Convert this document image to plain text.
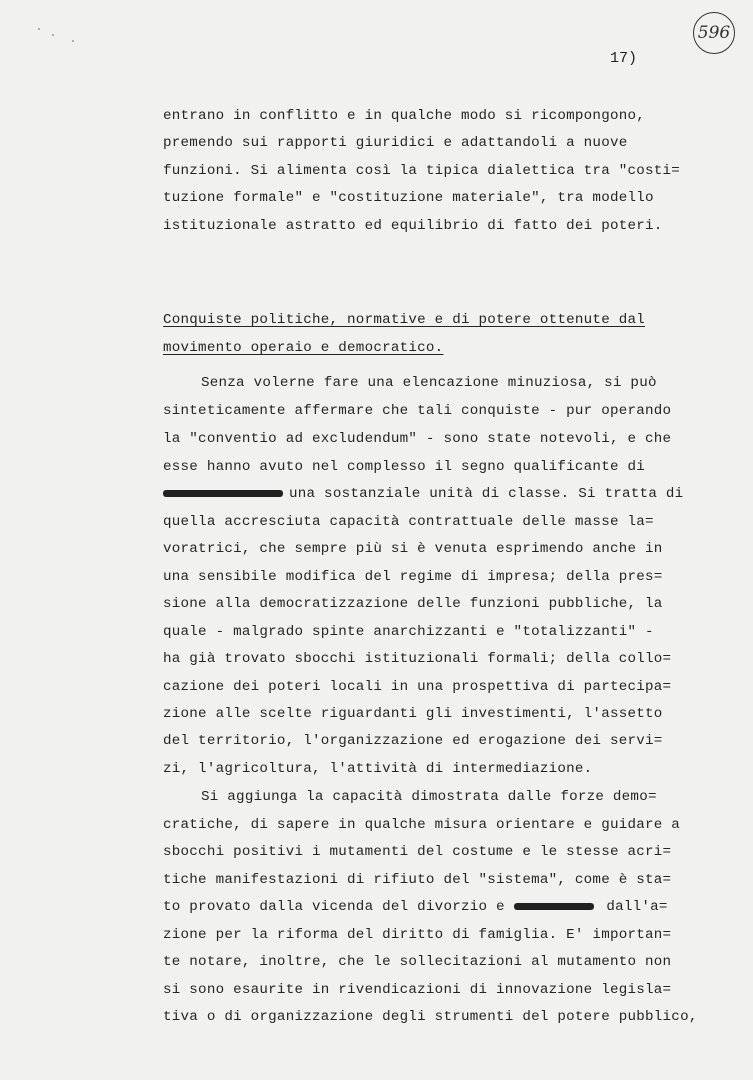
596
17)
entrano in conflitto e in qualche modo si ricompongono,
premendo sui rapporti giuridici e adattandoli a nuove
funzioni. Si alimenta così la tipica dialettica tra "costi=
tuzione formale" e "costituzione materiale", tra modello
istituzionale astratto ed equilibrio di fatto dei poteri.
Conquiste politiche, normative e di potere ottenute dal
movimento operaio e democratico.
Senza volerne fare una elencazione minuziosa, si può
sinteticamente affermare che tali conquiste - pur operando
la "conventio ad excludendum" - sono state notevoli, e che
esse hanno avuto nel complesso il segno qualificante di
una sostanziale unità di classe. Si tratta di
quella accresciuta capacità contrattuale delle masse la=
voratrici, che sempre più si è venuta esprimendo anche in
una sensibile modifica del regime di impresa; della pres=
sione alla democratizzazione delle funzioni pubbliche, la
quale - malgrado spinte anarchizzanti e "totalizzanti" -
ha già trovato sbocchi istituzionali formali; della collo=
cazione dei poteri locali in una prospettiva di partecipa=
zione alle scelte riguardanti gli investimenti, l'assetto
del territorio, l'organizzazione ed erogazione dei servi=
zi, l'agricoltura, l'attività di intermediazione.
Si aggiunga la capacità dimostrata dalle forze demo=
cratiche, di sapere in qualche misura orientare e guidare a
sbocchi positivi i mutamenti del costume e le stesse acri=
tiche manifestazioni di rifiuto del "sistema", come è sta=
to provato dalla vicenda del divorzio e	dall'a=
zione per la riforma del diritto di famiglia. E' importan=
te notare, inoltre, che le sollecitazioni al mutamento non
si sono esaurite in rivendicazioni di innovazione legisla=
tiva o di organizzazione degli strumenti del potere pubblico,
